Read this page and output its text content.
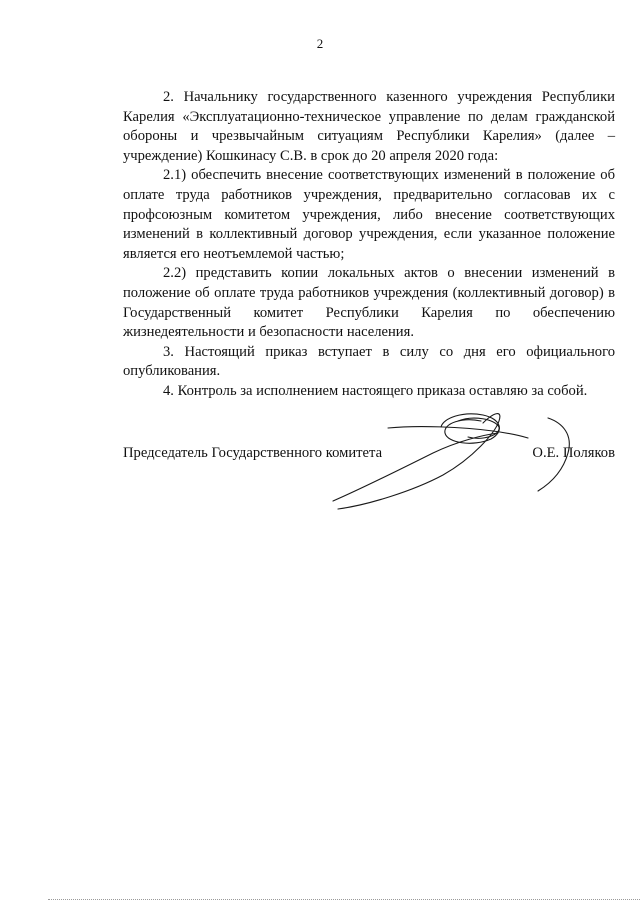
2

2. Начальнику государственного казенного учреждения Республики Карелия «Эксплуатационно-техническое управление по делам гражданской обороны и чрезвычайным ситуациям Республики Карелия» (далее – учреждение) Кошкинасу С.В. в срок до 20 апреля 2020 года:

2.1) обеспечить внесение соответствующих изменений в положение об оплате труда работников учреждения, предварительно согласовав их с профсоюзным комитетом учреждения, либо внесение соответствующих изменений в коллективный договор учреждения, если указанное положение является его неотъемлемой частью;

2.2) представить копии локальных актов о внесении изменений в положение об оплате труда работников учреждения (коллективный договор) в Государственный комитет Республики Карелия по обеспечению жизнедеятельности и безопасности населения.

3. Настоящий приказ вступает в силу со дня его официального опубликования.

4. Контроль за исполнением настоящего приказа оставляю за собой.

Председатель Государственного комитета	О.Е. Поляков
